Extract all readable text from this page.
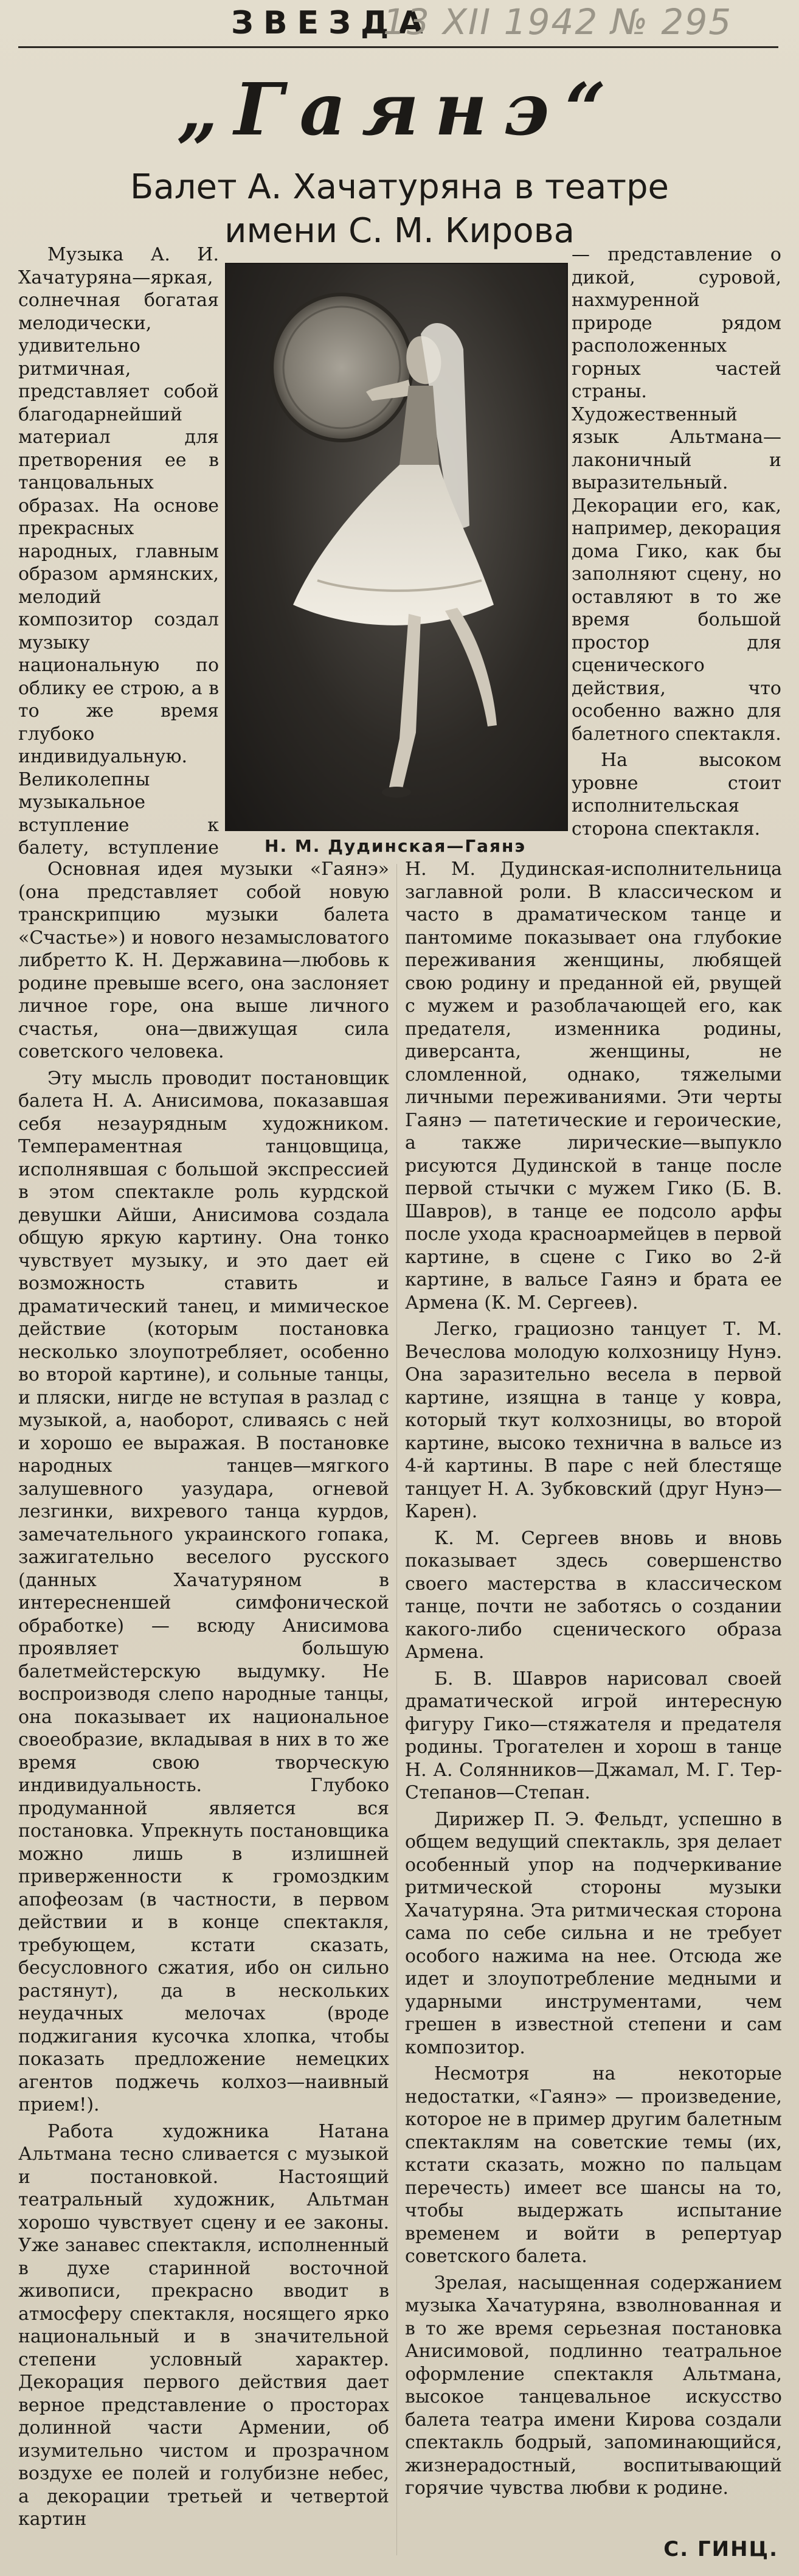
ЗВЕЗДА
13 XII 1942 № 295
„Гаянэ“
Балет А. Хачатуряна в театре
имени С. М. Кирова

Музыка А. И. Хачатуряна—яркая, солнечная богатая мелодически, удивительно ритмичная, представляет собой благодарнейший материал для претворения ее в танцовальных образах. На основе прекрасных народных, главным образом армянских, мелодий композитор создал музыку национальную по облику ее строю, а в то же время глубоко индивидуальную. Великолепны музыкальное вступление к балету, вступление	Н. М. Дудинская—Гаянэ

— представление о дикой, суровой, нахмуренной природе рядом расположенных горных частей страны. Художественный язык Альтмана—лаконичный и выразительный. Декорации его, как, например, декорация дома Гико, как бы заполняют сцену, но оставляют в то же время большой простор для сценического действия, что особенно важно для балетного спектакля.

На высоком уровне стоит исполнительская сторона спектакля.

Основная идея музыки «Гаянэ» (она представляет собой новую транскрипцию музыки балета «Счастье») и нового незамысловатого либретто К. Н. Державина—любовь к родине превыше всего, она заслоняет личное горе, она выше личного счастья, она—движущая сила советского человека.

Эту мысль проводит постановщик балета Н. А. Анисимова, показавшая себя незаурядным художником. Темпераментная танцовщица, исполнявшая с большой экспрессией в этом спектакле роль курдской девушки Айши, Анисимова создала общую яркую картину. Она тонко чувствует музыку, и это дает ей возможность ставить и драматический танец, и мимическое действие (которым постановка несколько злоупотребляет, особенно во второй картине), и сольные танцы, и пляски, нигде не вступая в разлад с музыкой, а, наоборот, сливаясь с ней и хорошо ее выражая. В постановке народных танцев—мягкого залушевного уазудара, огневой лезгинки, вихревого танца курдов, замечательного украинского гопака, зажигательно веселого русского (данных Хачатуряном в интересненшей симфонической обработке) — всюду Анисимова проявляет большую балетмейстерскую выдумку. Не воспроизводя слепо народные танцы, она показывает их национальное своеобразие, вкладывая в них в то же время свою творческую индивидуальность. Глубоко продуманной является вся постановка. Упрекнуть постановщика можно лишь в излишней приверженности к громоздким апофеозам (в частности, в первом действии и в конце спектакля, требующем, кстати сказать, бесусловного сжатия, ибо он сильно растянут), да в нескольких неудачных мелочах (вроде поджигания кусочка хлопка, чтобы показать предложение немецких агентов поджечь колхоз—наивный прием!).

Работа художника Натана Альтмана тесно сливается с музыкой и постановкой. Настоящий театральный художник, Альтман хорошо чувствует сцену и ее законы. Уже занавес спектакля, исполненный в духе старинной восточной живописи, прекрасно вводит в атмосферу спектакля, носящего ярко национальный и в значительной степени условный характер. Декорация первого действия дает верное представление о просторах долинной части Армении, об изумительно чистом и прозрачном воздухе ее полей и голубизне небес, а декорации третьей и четвертой картин

Н. М. Дудинская-исполнительница заглавной роли. В классическом и часто в драматическом танце и пантомиме показывает она глубокие переживания женщины, любящей свою родину и преданной ей, рвущей с мужем и разоблачающей его, как предателя, изменника родины, диверсанта, женщины, не сломленной, однако, тяжелыми личными переживаниями. Эти черты Гаянэ — патетические и героические, а также лирические—выпукло рисуются Дудинской в танце после первой стычки с мужем Гико (Б. В. Шавров), в танце ее подсоло арфы после ухода красноармейцев в первой картине, в сцене с Гико во 2-й картине, в вальсе Гаянэ и брата ее Армена (К. М. Сергеев).

Легко, грациозно танцует Т. М. Вечеслова молодую колхозницу Нунэ. Она заразительно весела в первой картине, изящна в танце у ковра, который ткут колхозницы, во второй картине, высоко технична в вальсе из 4-й картины. В паре с ней блестяще танцует Н. А. Зубковский (друг Нунэ—Карен).

К. М. Сергеев вновь и вновь показывает здесь совершенство своего мастерства в классическом танце, почти не заботясь о создании какого-либо сценического образа Армена.

Б. В. Шавров нарисовал своей драматической игрой интересную фигуру Гико—стяжателя и предателя родины. Трогателен и хорош в танце Н. А. Солянников—Джамал, М. Г. Тер-Степанов—Степан.

Дирижер П. Э. Фельдт, успешно в общем ведущий спектакль, зря делает особенный упор на подчеркивание ритмической стороны музыки Хачатуряна. Эта ритмическая сторона сама по себе сильна и не требует особого нажима на нее. Отсюда же идет и злоупотребление медными и ударными инструментами, чем грешен в известной степени и сам композитор.

Несмотря на некоторые недостатки, «Гаянэ» — произведение, которое не в пример другим балетным спектаклям на советские темы (их, кстати сказать, можно по пальцам перечесть) имеет все шансы на то, чтобы выдержать испытание временем и войти в репертуар советского балета.

Зрелая, насыщенная содержанием музыка Хачатуряна, взволнованная и в то же время серьезная постановка Анисимовой, подлинно театральное оформление спектакля Альтмана, высокое танцевальное искусство балета театра имени Кирова создали спектакль бодрый, запоминающийся, жизнерадостный, воспитывающий горячие чувства любви к родине.

С. ГИНЦ.
